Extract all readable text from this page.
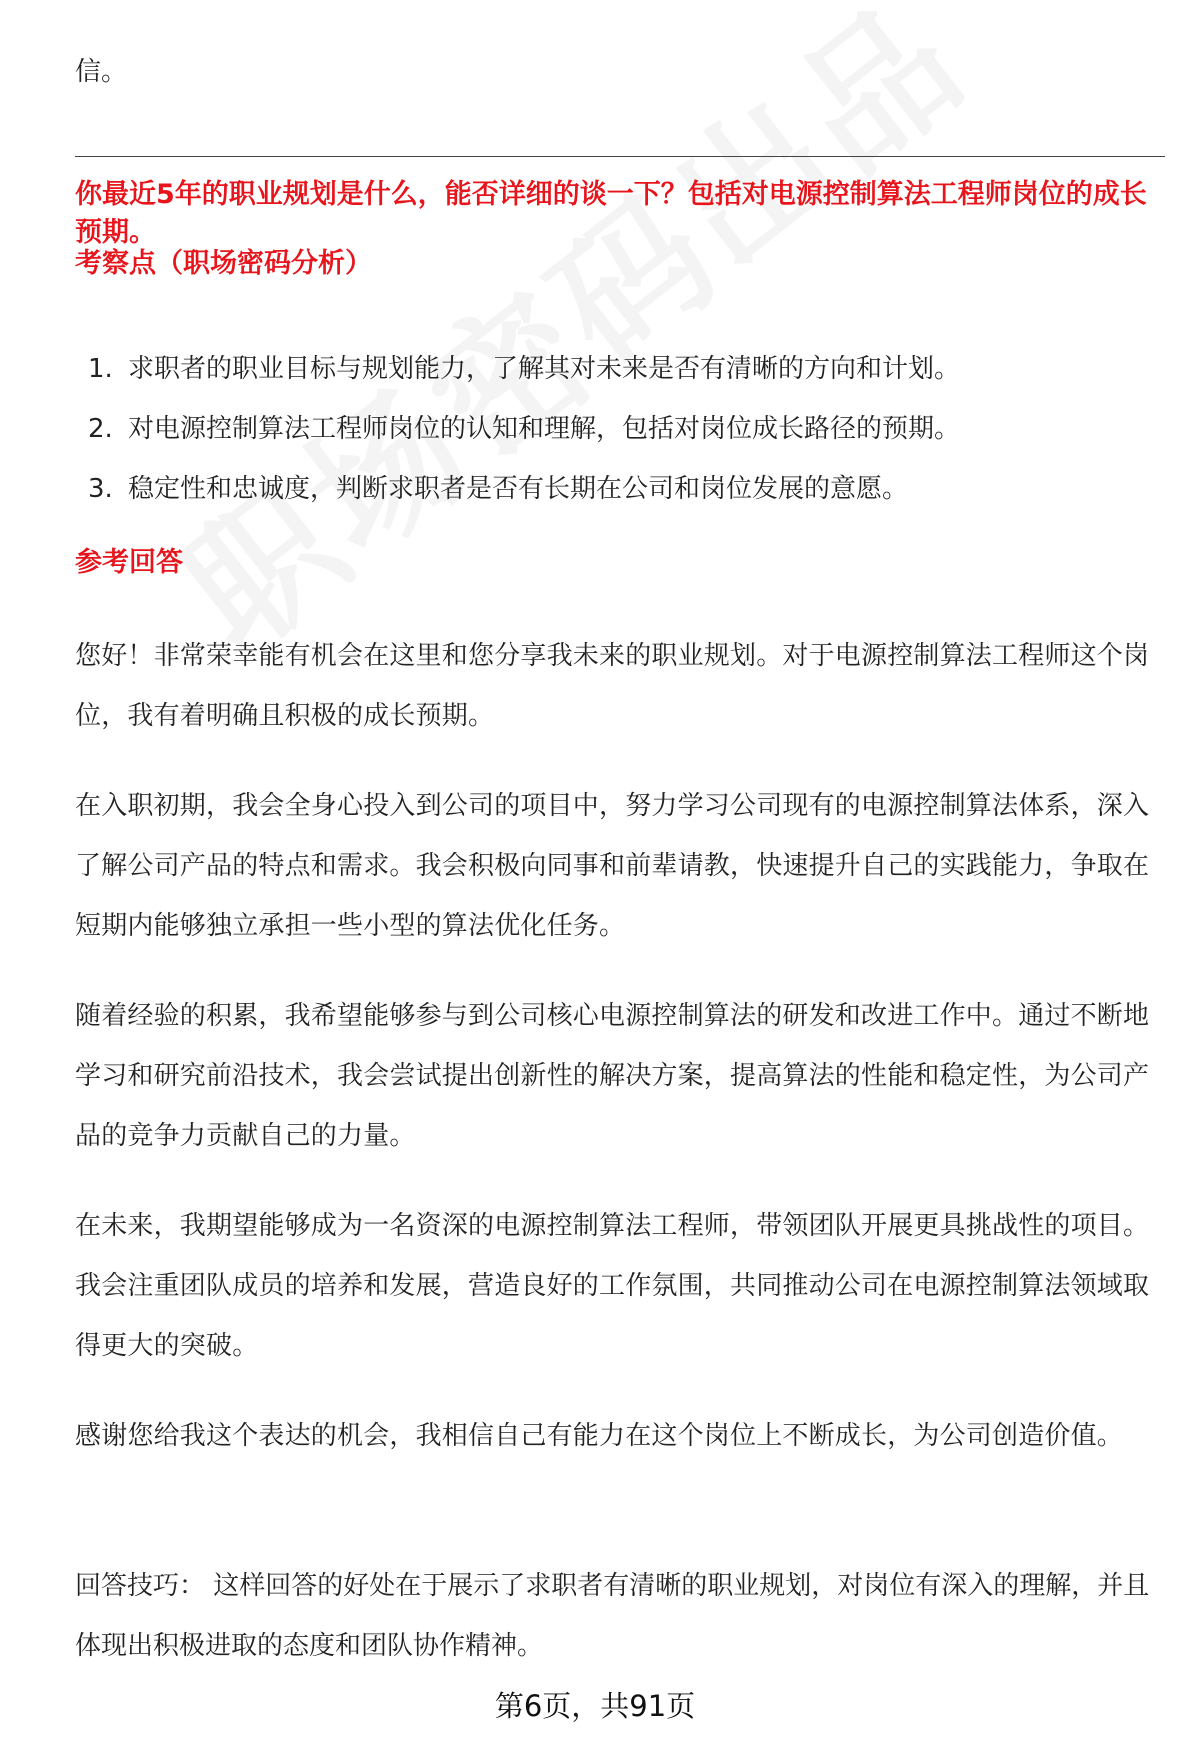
信。
你最近5年的职业规划是什么，能否详细的谈一下？包括对电源控制算法工程师岗位的成长预期。
考察点（职场密码分析）
1. 求职者的职业目标与规划能力，了解其对未来是否有清晰的方向和计划。
2. 对电源控制算法工程师岗位的认知和理解，包括对岗位成长路径的预期。
3. 稳定性和忠诚度，判断求职者是否有长期在公司和岗位发展的意愿。
参考回答

您好！非常荣幸能有机会在这里和您分享我未来的职业规划。对于电源控制算法工程师这个岗位，我有着明确且积极的成长预期。

在入职初期，我会全身心投入到公司的项目中，努力学习公司现有的电源控制算法体系，深入了解公司产品的特点和需求。我会积极向同事和前辈请教，快速提升自己的实践能力，争取在短期内能够独立承担一些小型的算法优化任务。

随着经验的积累，我希望能够参与到公司核心电源控制算法的研发和改进工作中。通过不断地学习和研究前沿技术，我会尝试提出创新性的解决方案，提高算法的性能和稳定性，为公司产品的竞争力贡献自己的力量。

在未来，我期望能够成为一名资深的电源控制算法工程师，带领团队开展更具挑战性的项目。我会注重团队成员的培养和发展，营造良好的工作氛围，共同推动公司在电源控制算法领域取得更大的突破。

感谢您给我这个表达的机会，我相信自己有能力在这个岗位上不断成长，为公司创造价值。

回答技巧： 这样回答的好处在于展示了求职者有清晰的职业规划，对岗位有深入的理解，并且体现出积极进取的态度和团队协作精神。

第6页，共91页
